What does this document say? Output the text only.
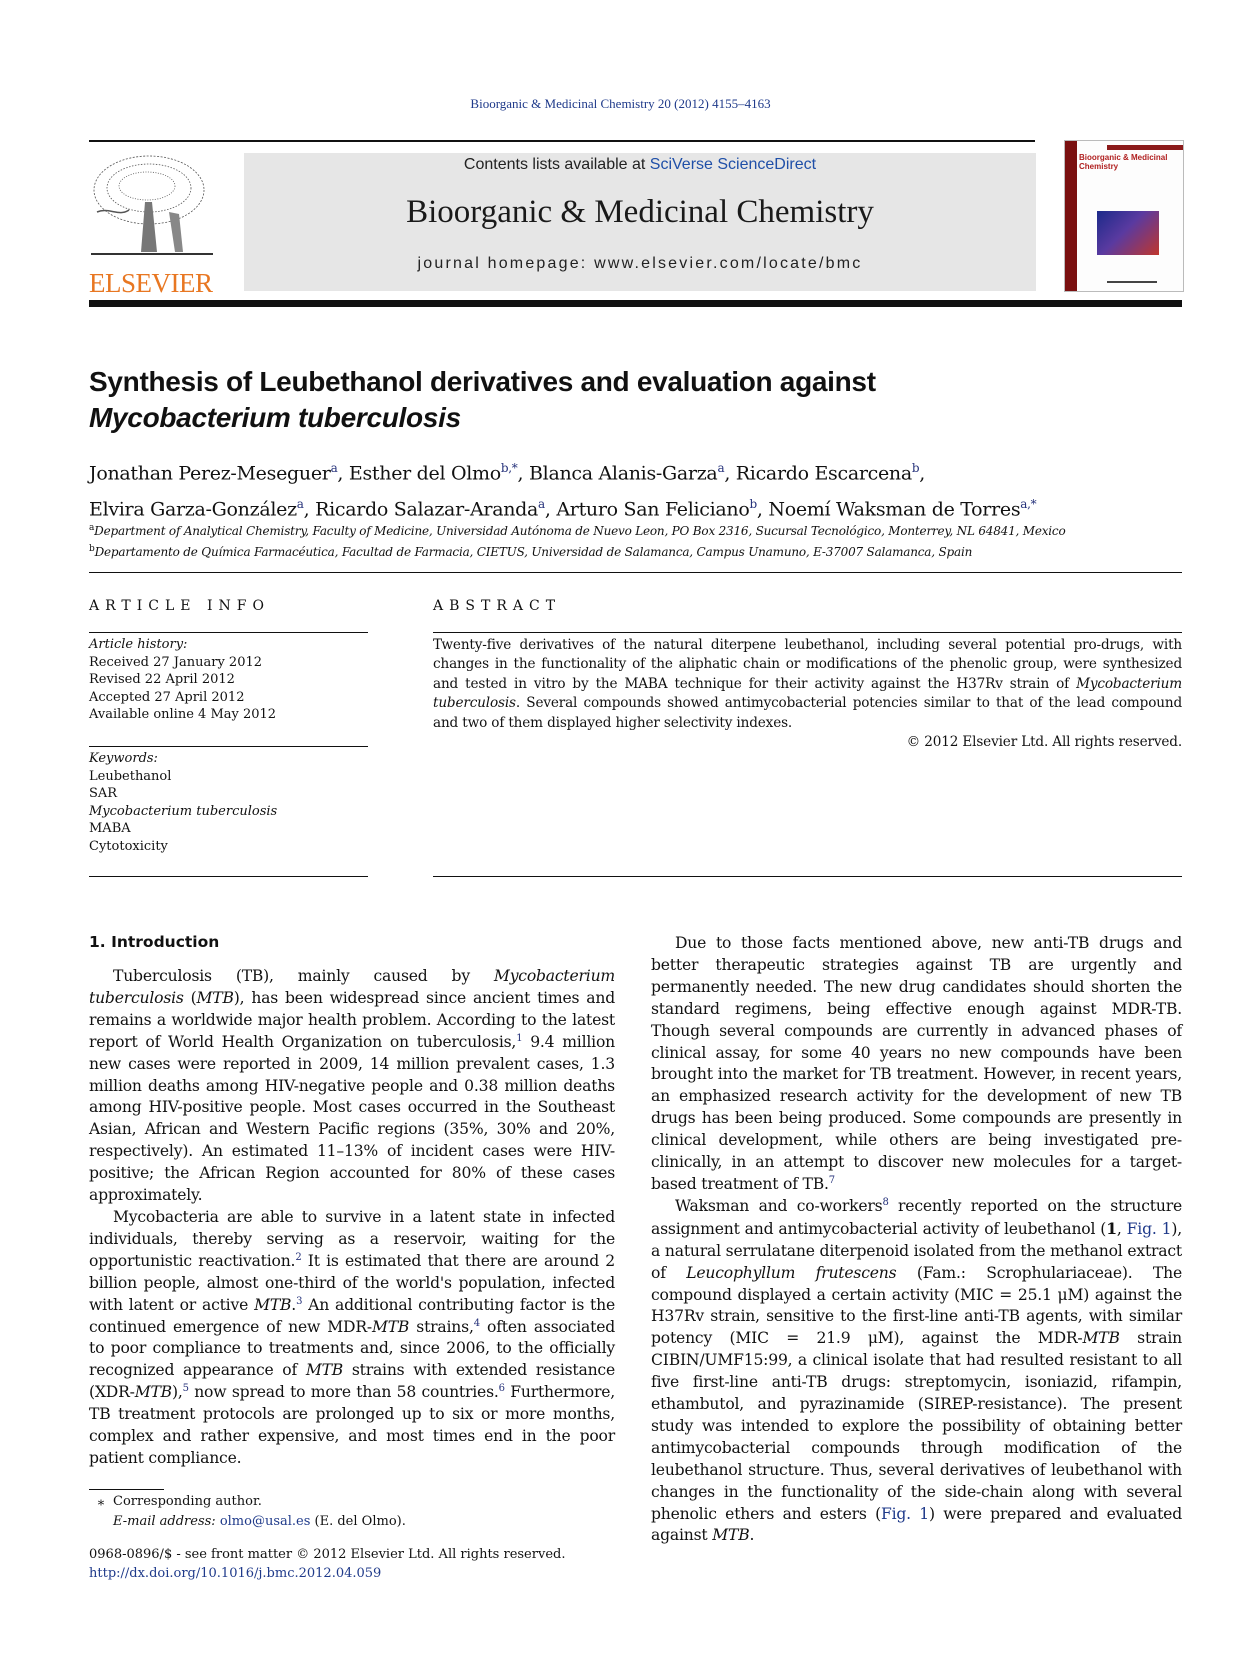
Bioorganic & Medicinal Chemistry 20 (2012) 4155–4163
ELSEVIER
Contents lists available at SciVerse ScienceDirect
Bioorganic & Medicinal Chemistry
journal homepage: www.elsevier.com/locate/bmc
Bioorganic & Medicinal Chemistry
Synthesis of Leubethanol derivatives and evaluation against
Mycobacterium tuberculosis
Jonathan Perez-Meseguer$^a$, Esther del Olmo$^{b,*}$, Blanca Alanis-Garza$^a$, Ricardo Escarcena$^b$,
Elvira Garza-González$^a$, Ricardo Salazar-Aranda$^a$, Arturo San Feliciano$^b$, Noemí Waksman de Torres$^{a,*}$
$^a$Department of Analytical Chemistry, Faculty of Medicine, Universidad Autónoma de Nuevo Leon, PO Box 2316, Sucursal Tecnológico, Monterrey, NL 64841, Mexico
$^b$Departamento de Química Farmacéutica, Facultad de Farmacia, CIETUS, Universidad de Salamanca, Campus Unamuno, E-37007 Salamanca, Spain
ARTICLE INFO
Article history:
Received 27 January 2012
Revised 22 April 2012
Accepted 27 April 2012
Available online 4 May 2012
Keywords:
Leubethanol
SAR
Mycobacterium tuberculosis
MABA
Cytotoxicity
ABSTRACT
Twenty-five derivatives of the natural diterpene leubethanol, including several potential pro-drugs, with changes in the functionality of the aliphatic chain or modifications of the phenolic group, were synthesized and tested in vitro by the MABA technique for their activity against the H37Rv strain of Mycobacterium tuberculosis. Several compounds showed antimycobacterial potencies similar to that of the lead compound and two of them displayed higher selectivity indexes.
© 2012 Elsevier Ltd. All rights reserved.
1. Introduction

Tuberculosis (TB), mainly caused by Mycobacterium tuberculosis (MTB), has been widespread since ancient times and remains a worldwide major health problem. According to the latest report of World Health Organization on tuberculosis,$^1$ 9.4 million new cases were reported in 2009, 14 million prevalent cases, 1.3 million deaths among HIV-negative people and 0.38 million deaths among HIV-positive people. Most cases occurred in the Southeast Asian, African and Western Pacific regions (35%, 30% and 20%, respectively). An estimated 11–13% of incident cases were HIV-positive; the African Region accounted for 80% of these cases approximately.

Mycobacteria are able to survive in a latent state in infected individuals, thereby serving as a reservoir, waiting for the opportunistic reactivation.$^2$ It is estimated that there are around 2 billion people, almost one-third of the world's population, infected with latent or active MTB.$^3$ An additional contributing factor is the continued emergence of new MDR-MTB strains,$^4$ often associated to poor compliance to treatments and, since 2006, to the officially recognized appearance of MTB strains with extended resistance (XDR-MTB),$^5$ now spread to more than 58 countries.$^6$ Furthermore, TB treatment protocols are prolonged up to six or more months, complex and rather expensive, and most times end in the poor patient compliance.

Due to those facts mentioned above, new anti-TB drugs and better therapeutic strategies against TB are urgently and permanently needed. The new drug candidates should shorten the standard regimens, being effective enough against MDR-TB. Though several compounds are currently in advanced phases of clinical assay, for some 40 years no new compounds have been brought into the market for TB treatment. However, in recent years, an emphasized research activity for the development of new TB drugs has been being produced. Some compounds are presently in clinical development, while others are being investigated pre-clinically, in an attempt to discover new molecules for a target-based treatment of TB.$^7$

Waksman and co-workers$^8$ recently reported on the structure assignment and antimycobacterial activity of leubethanol (1, Fig. 1), a natural serrulatane diterpenoid isolated from the methanol extract of Leucophyllum frutescens (Fam.: Scrophulariaceae). The compound displayed a certain activity (MIC = 25.1 μM) against the H37Rv strain, sensitive to the first-line anti-TB agents, with similar potency (MIC = 21.9 μM), against the MDR-MTB strain CIBIN/UMF15:99, a clinical isolate that had resulted resistant to all five first-line anti-TB drugs: streptomycin, isoniazid, rifampin, ethambutol, and pyrazinamide (SIREP-resistance). The present study was intended to explore the possibility of obtaining better antimycobacterial compounds through modification of the leubethanol structure. Thus, several derivatives of leubethanol with changes in the functionality of the side-chain along with several phenolic ethers and esters (Fig. 1) were prepared and evaluated against MTB.

⁎ Corresponding author.
E-mail address: olmo@usal.es (E. del Olmo).
0968-0896/$ - see front matter © 2012 Elsevier Ltd. All rights reserved.
http://dx.doi.org/10.1016/j.bmc.2012.04.059
